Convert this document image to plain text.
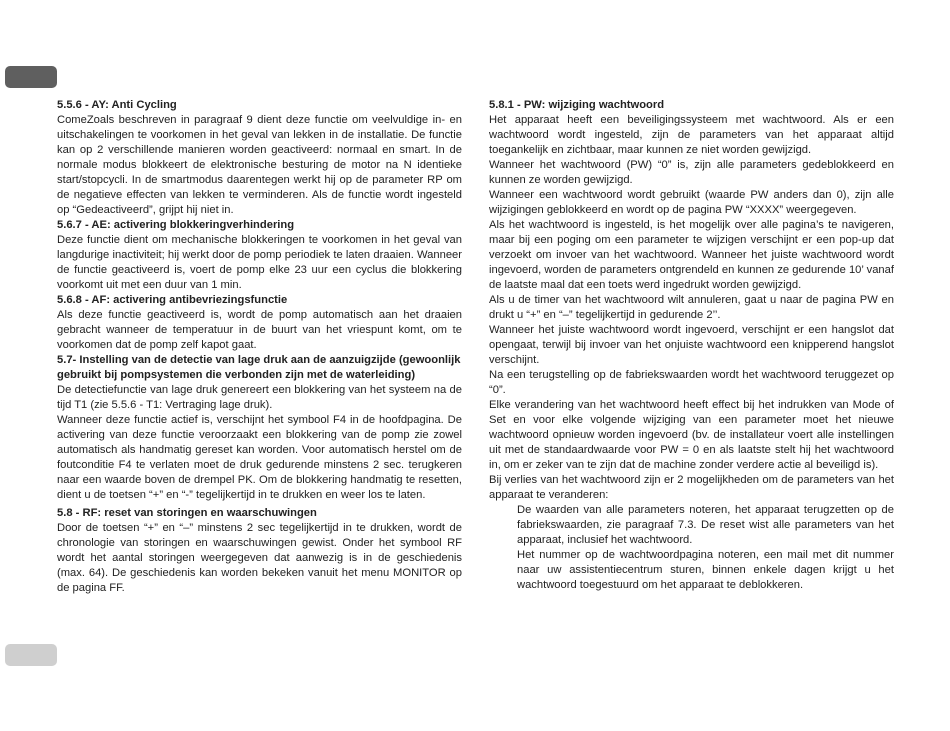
5.5.6 - AY: Anti Cycling

ComeZoals beschreven in paragraaf 9 dient deze functie om veelvuldige in- en uitschakelingen te voorkomen in het geval van lekken in de installatie. De functie kan op 2 verschillende manieren worden geactiveerd: normaal en smart. In de normale modus blokkeert de elektronische besturing de motor na N identieke start/stopcycli. In de smartmodus daarentegen werkt hij op de parameter RP om de negatieve effecten van lekken te verminderen. Als de functie wordt ingesteld op “Gedeactiveerd”, grijpt hij niet in.

5.6.7 - AE: activering blokkeringverhindering

Deze functie dient om mechanische blokkeringen te voorkomen in het geval van langdurige inactiviteit; hij werkt door de pomp periodiek te laten draaien. Wanneer de functie geactiveerd is, voert de pomp elke 23 uur een cyclus die blokkering voorkomt uit met een duur van 1 min.

5.6.8 - AF: activering antibevriezingsfunctie

Als deze functie geactiveerd is, wordt de pomp automatisch aan het draaien gebracht wanneer de temperatuur in de buurt van het vriespunt komt, om te voorkomen dat de pomp zelf kapot gaat.

5.7- Instelling van de detectie van lage druk aan de aanzuigzijde (gewoonlijk gebruikt bij pompsystemen die verbonden zijn met de waterleiding)

De detectiefunctie van lage druk genereert een blokkering van het systeem na de tijd T1 (zie 5.5.6 - T1: Vertraging lage druk).

Wanneer deze functie actief is, verschijnt het symbool F4 in de hoofdpagina. De activering van deze functie veroorzaakt een blokkering van de pomp zie zowel automatisch als handmatig gereset kan worden. Voor automatisch herstel om de foutconditie F4 te verlaten moet de druk gedurende minstens 2 sec. terugkeren naar een waarde boven de drempel PK. Om de blokkering handmatig te resetten, dient u de toetsen “+” en “-” tegelijkertijd in te drukken en weer los te laten.

5.8 - RF: reset van storingen en waarschuwingen

Door de toetsen “+” en “–” minstens 2 sec tegelijkertijd in te drukken, wordt de chronologie van storingen en waarschuwingen gewist. Onder het symbool RF wordt het aantal storingen weergegeven dat aanwezig is in de geschiedenis (max. 64). De geschiedenis kan worden bekeken vanuit het menu MONITOR op de pagina FF.

5.8.1 - PW: wijziging wachtwoord

Het apparaat heeft een beveiligingssysteem met wachtwoord. Als er een wachtwoord wordt ingesteld, zijn de parameters van het apparaat altijd toegankelijk en zichtbaar, maar kunnen ze niet worden gewijzigd.

Wanneer het wachtwoord (PW) “0” is, zijn alle parameters gedeblokkeerd en kunnen ze worden gewijzigd.

Wanneer een wachtwoord wordt gebruikt (waarde PW anders dan 0), zijn alle wijzigingen geblokkeerd en wordt op de pagina PW “XXXX” weergegeven.

Als het wachtwoord is ingesteld, is het mogelijk over alle pagina’s te navigeren, maar bij een poging om een parameter te wijzigen verschijnt er een pop-up dat verzoekt om invoer van het wachtwoord. Wanneer het juiste wachtwoord wordt ingevoerd, worden de parameters ontgrendeld en kunnen ze gedurende 10’ vanaf de laatste maal dat een toets werd ingedrukt worden gewijzigd.

Als u de timer van het wachtwoord wilt annuleren, gaat u naar de pagina PW en drukt u “+” en “–” tegelijkertijd in gedurende 2’’.

Wanneer het juiste wachtwoord wordt ingevoerd, verschijnt er een hangslot dat opengaat, terwijl bij invoer van het onjuiste wachtwoord een knipperend hangslot verschijnt.

Na een terugstelling op de fabriekswaarden wordt het wachtwoord teruggezet op “0”.

Elke verandering van het wachtwoord heeft effect bij het indrukken van Mode of Set en voor elke volgende wijziging van een parameter moet het nieuwe wachtwoord opnieuw worden ingevoerd (bv. de installateur voert alle instellingen uit met de standaardwaarde voor PW = 0 en als laatste stelt hij het wachtwoord in, om er zeker van te zijn dat de machine zonder verdere actie al beveiligd is).

Bij verlies van het wachtwoord zijn er 2 mogelijkheden om de parameters van het apparaat te veranderen:

De waarden van alle parameters noteren, het apparaat terugzetten op de fabriekswaarden, zie paragraaf 7.3. De reset wist alle parameters van het apparaat, inclusief het wachtwoord.

Het nummer op de wachtwoordpagina noteren, een mail met dit nummer naar uw assistentiecentrum sturen, binnen enkele dagen krijgt u het wachtwoord toegestuurd om het apparaat te deblokkeren.
